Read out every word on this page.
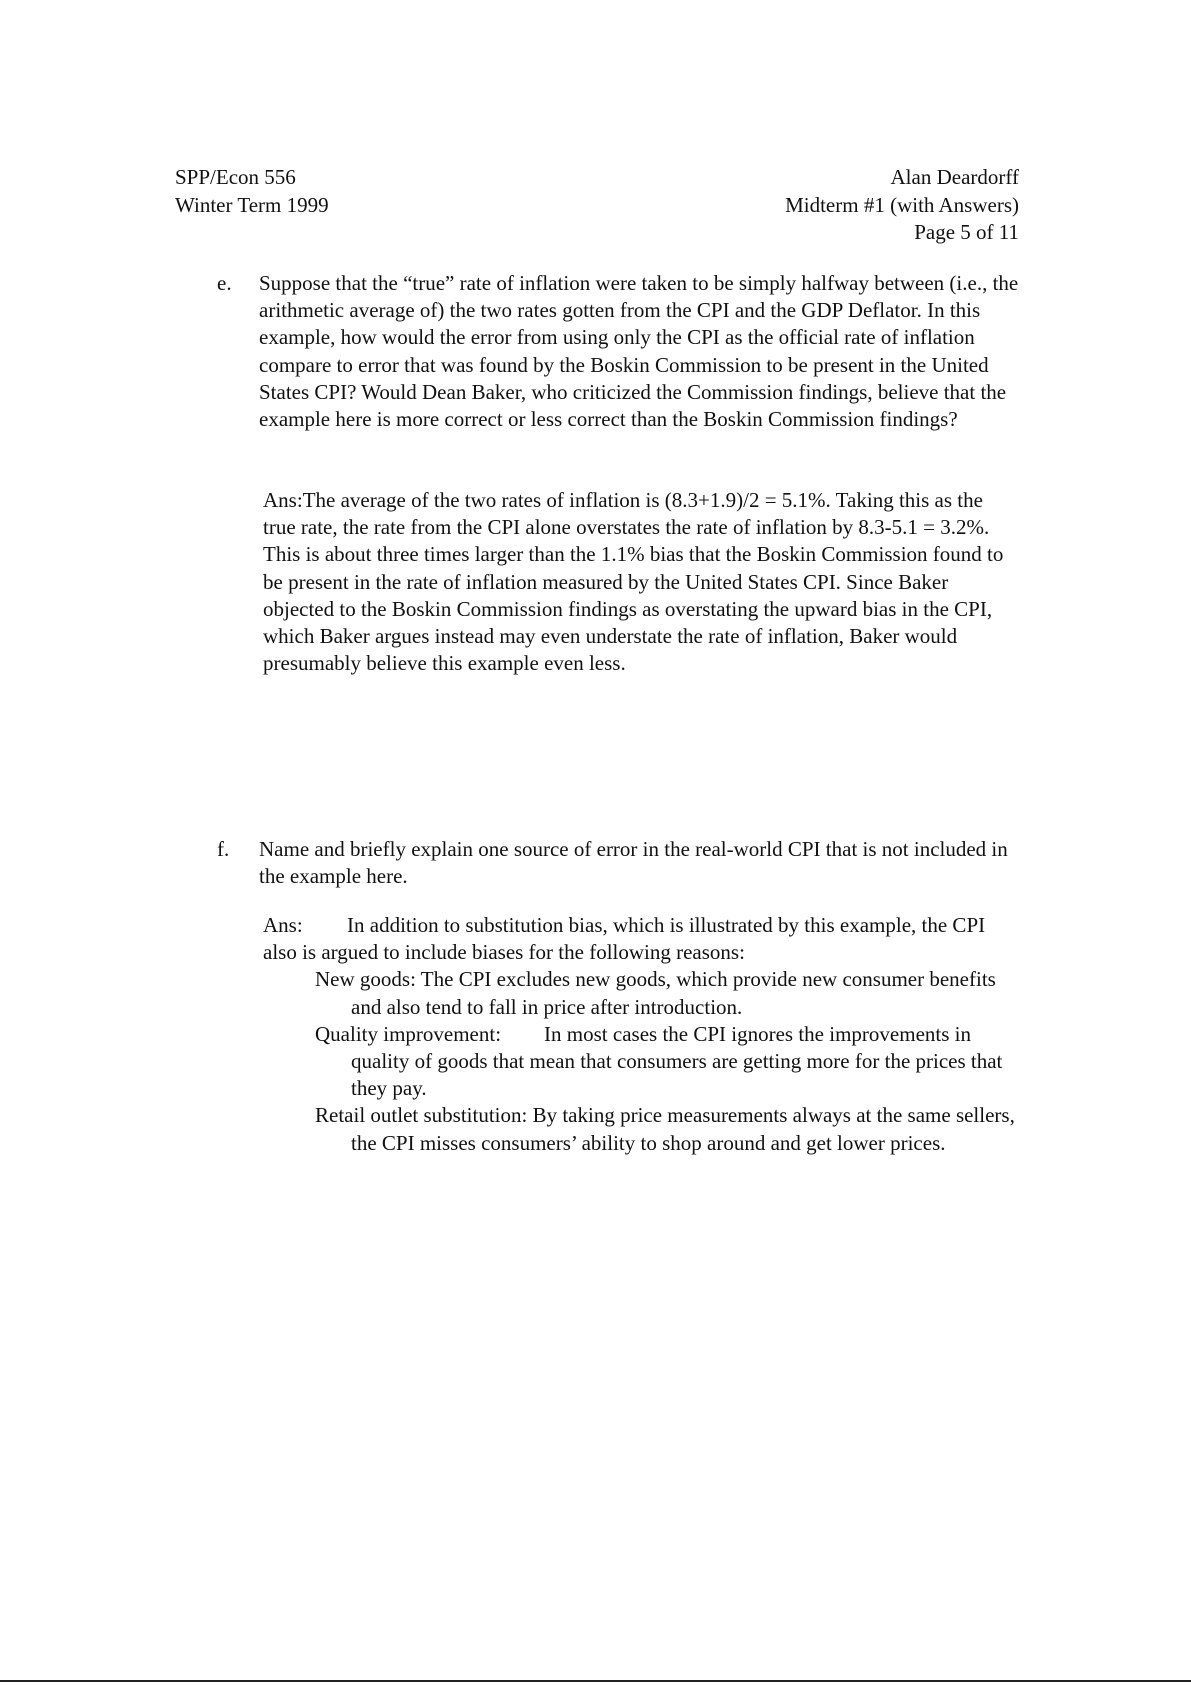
SPP/Econ 556
Winter Term 1999
Alan Deardorff
Midterm #1 (with Answers)
Page 5 of 11
e. Suppose that the “true” rate of inflation were taken to be simply halfway between (i.e., the arithmetic average of) the two rates gotten from the CPI and the GDP Deflator. In this example, how would the error from using only the CPI as the official rate of inflation compare to error that was found by the Boskin Commission to be present in the United States CPI? Would Dean Baker, who criticized the Commission findings, believe that the example here is more correct or less correct than the Boskin Commission findings?
Ans:The average of the two rates of inflation is (8.3+1.9)/2 = 5.1%. Taking this as the true rate, the rate from the CPI alone overstates the rate of inflation by 8.3-5.1 = 3.2%. This is about three times larger than the 1.1% bias that the Boskin Commission found to be present in the rate of inflation measured by the United States CPI. Since Baker objected to the Boskin Commission findings as overstating the upward bias in the CPI, which Baker argues instead may even understate the rate of inflation, Baker would presumably believe this example even less.
f. Name and briefly explain one source of error in the real-world CPI that is not included in the example here.
Ans: In addition to substitution bias, which is illustrated by this example, the CPI also is argued to include biases for the following reasons:
New goods: The CPI excludes new goods, which provide new consumer benefits and also tend to fall in price after introduction.
Quality improvement: In most cases the CPI ignores the improvements in quality of goods that mean that consumers are getting more for the prices that they pay.
Retail outlet substitution: By taking price measurements always at the same sellers, the CPI misses consumers’ ability to shop around and get lower prices.
